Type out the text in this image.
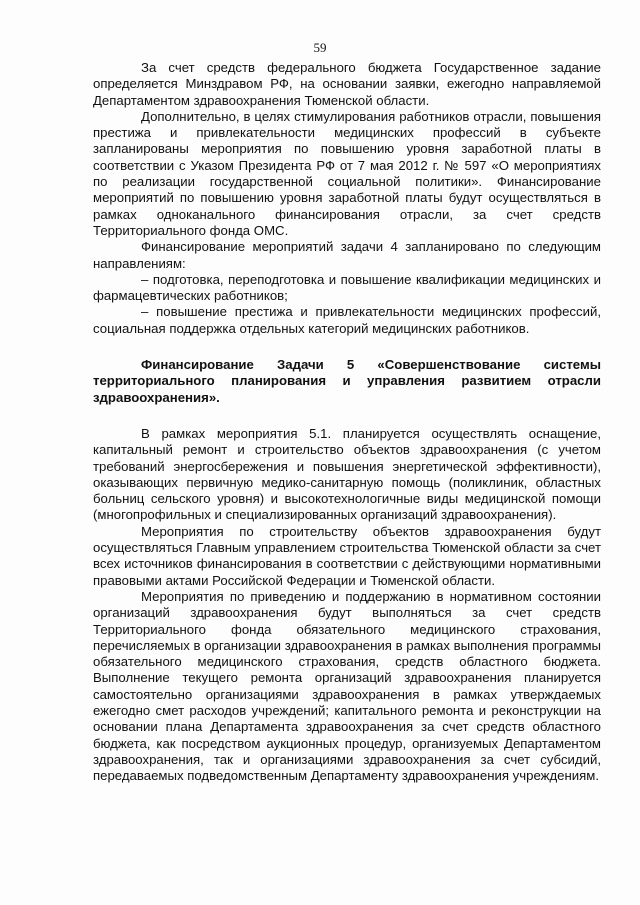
59

За счет средств федерального бюджета Государственное задание определяется Минздравом РФ, на основании заявки, ежегодно направляемой Департаментом здравоохранения Тюменской области.

Дополнительно, в целях стимулирования работников отрасли, повышения престижа и привлекательности медицинских профессий в субъекте запланированы мероприятия по повышению уровня заработной платы в соответствии с Указом Президента РФ от 7 мая 2012 г. № 597 «О мероприятиях по реализации государственной социальной политики». Финансирование мероприятий по повышению уровня заработной платы будут осуществляться в рамках одноканального финансирования отрасли, за счет средств Территориального фонда ОМС.

Финансирование мероприятий задачи 4 запланировано по следующим направлениям:

– подготовка, переподготовка и повышение квалификации медицинских и фармацевтических работников;

– повышение престижа и привлекательности медицинских профессий, социальная поддержка отдельных категорий медицинских работников.

Финансирование Задачи 5 «Совершенствование системы территориального планирования и управления развитием отрасли здравоохранения».

В рамках мероприятия 5.1. планируется осуществлять оснащение, капитальный ремонт и строительство объектов здравоохранения (с учетом требований энергосбережения и повышения энергетической эффективности), оказывающих первичную медико-санитарную помощь (поликлиник, областных больниц сельского уровня) и высокотехнологичные виды медицинской помощи (многопрофильных и специализированных организаций здравоохранения).

Мероприятия по строительству объектов здравоохранения будут осуществляться Главным управлением строительства Тюменской области за счет всех источников финансирования в соответствии с действующими нормативными правовыми актами Российской Федерации и Тюменской области.

Мероприятия по приведению и поддержанию в нормативном состоянии организаций здравоохранения будут выполняться за счет средств Территориального фонда обязательного медицинского страхования, перечисляемых в организации здравоохранения в рамках выполнения программы обязательного медицинского страхования, средств областного бюджета. Выполнение текущего ремонта организаций здравоохранения планируется самостоятельно организациями здравоохранения в рамках утверждаемых ежегодно смет расходов учреждений; капитального ремонта и реконструкции на основании плана Департамента здравоохранения за счет средств областного бюджета, как посредством аукционных процедур, организуемых Департаментом здравоохранения, так и организациями здравоохранения за счет субсидий, передаваемых подведомственным Департаменту здравоохранения учреждениям.
